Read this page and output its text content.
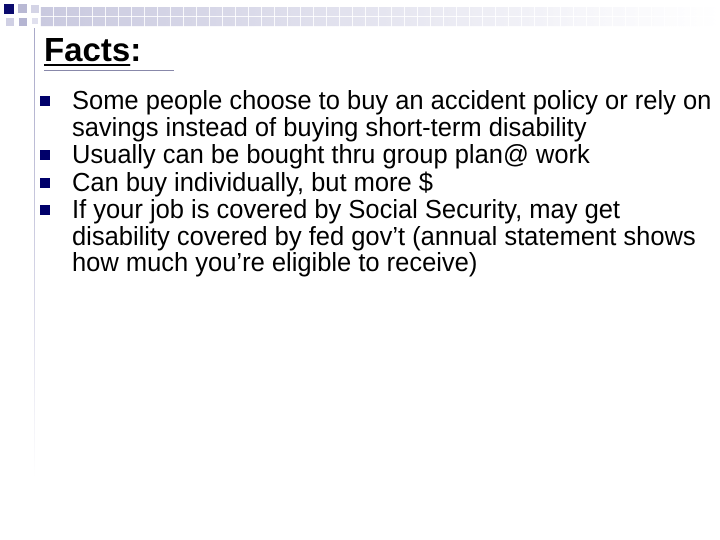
Facts:
Some people choose to buy an accident policy or rely on savings instead of buying short-term disability
Usually can be bought thru group plan@ work
Can buy individually, but more $
If your job is covered by Social Security, may get disability covered by fed gov’t (annual statement shows how much you’re eligible to receive)
